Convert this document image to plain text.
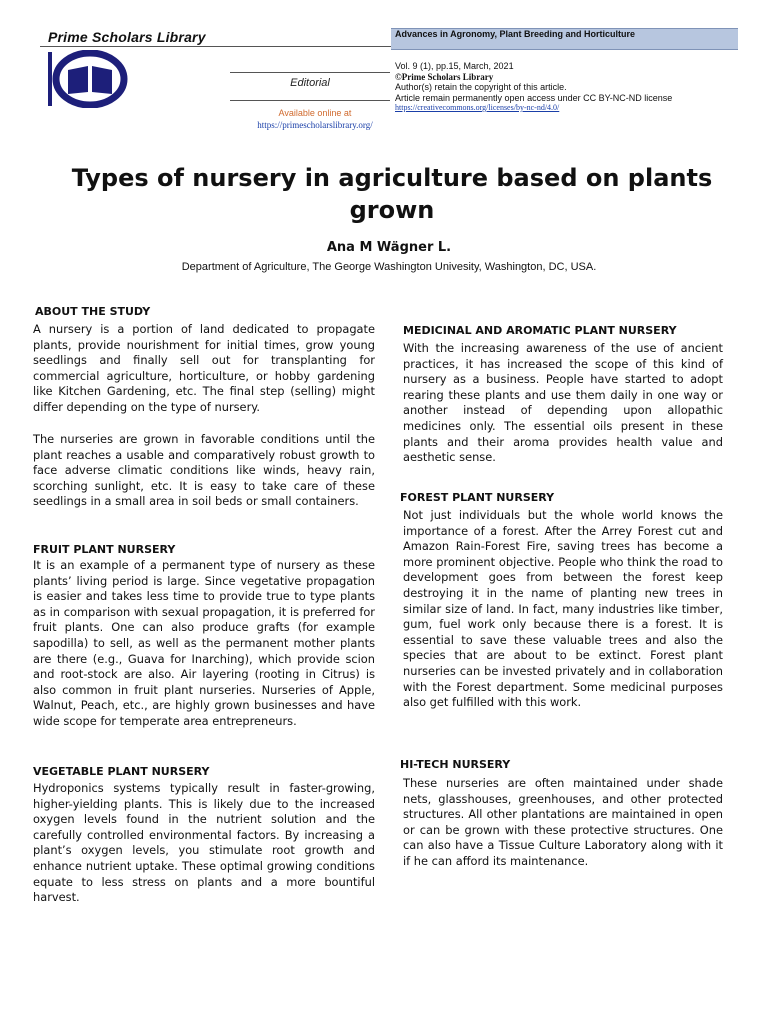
Prime Scholars Library
Editorial
Available online at
https://primescholarslibrary.org/
Advances in Agronomy, Plant Breeding and Horticulture
Vol. 9 (1), pp.15, March, 2021
©Prime Scholars Library
Author(s) retain the copyright of this article.
Article remain permanently open access under CC BY-NC-ND license
https://creativecommons.org/licenses/by-nc-nd/4.0/
Types of nursery in agriculture based on plants grown
Ana M Wägner L.
Department of Agriculture, The George Washington Univesity, Washington, DC, USA.
ABOUT THE STUDY

A nursery is a portion of land dedicated to propagate plants, provide nourishment for initial times, grow young seedlings and finally sell out for transplanting for commercial agriculture, horticulture, or hobby gardening like Kitchen Gardening, etc. The final step (selling) might differ depending on the type of nursery.

The nurseries are grown in favorable conditions until the plant reaches a usable and comparatively robust growth to face adverse climatic conditions like winds, heavy rain, scorching sunlight, etc. It is easy to take care of these seedlings in a small area in soil beds or small containers.

FRUIT PLANT NURSERY

It is an example of a permanent type of nursery as these plants’ living period is large. Since vegetative propagation is easier and takes less time to provide true to type plants as in comparison with sexual propagation, it is preferred for fruit plants. One can also produce grafts (for example sapodilla) to sell, as well as the permanent mother plants are there (e.g., Guava for Inarching), which provide scion and root-stock are also. Air layering (rooting in Citrus) is also common in fruit plant nurseries. Nurseries of Apple, Walnut, Peach, etc., are highly grown businesses and have wide scope for temperate area entrepreneurs.

VEGETABLE PLANT NURSERY

Hydroponics systems typically result in faster-growing, higher-yielding plants. This is likely due to the increased oxygen levels found in the nutrient solution and the carefully controlled environmental factors. By increasing a plant’s oxygen levels, you stimulate root growth and enhance nutrient uptake. These optimal growing conditions equate to less stress on plants and a more bountiful harvest.

MEDICINAL AND AROMATIC PLANT NURSERY

With the increasing awareness of the use of ancient practices, it has increased the scope of this kind of nursery as a business. People have started to adopt rearing these plants and use them daily in one way or another instead of depending upon allopathic medicines only. The essential oils present in these plants and their aroma provides health value and aesthetic sense.

FOREST PLANT NURSERY

Not just individuals but the whole world knows the importance of a forest. After the Arrey Forest cut and Amazon Rain-Forest Fire, saving trees has become a more prominent objective. People who think the road to development goes from between the forest keep destroying it in the name of planting new trees in similar size of land. In fact, many industries like timber, gum, fuel work only because there is a forest. It is essential to save these valuable trees and also the species that are about to be extinct. Forest plant nurseries can be invested privately and in collaboration with the Forest department. Some medicinal purposes also get fulfilled with this work.

HI-TECH NURSERY

These nurseries are often maintained under shade nets, glasshouses, greenhouses, and other protected structures. All other plantations are maintained in open or can be grown with these protective structures. One can also have a Tissue Culture Laboratory along with it if he can afford its maintenance.
